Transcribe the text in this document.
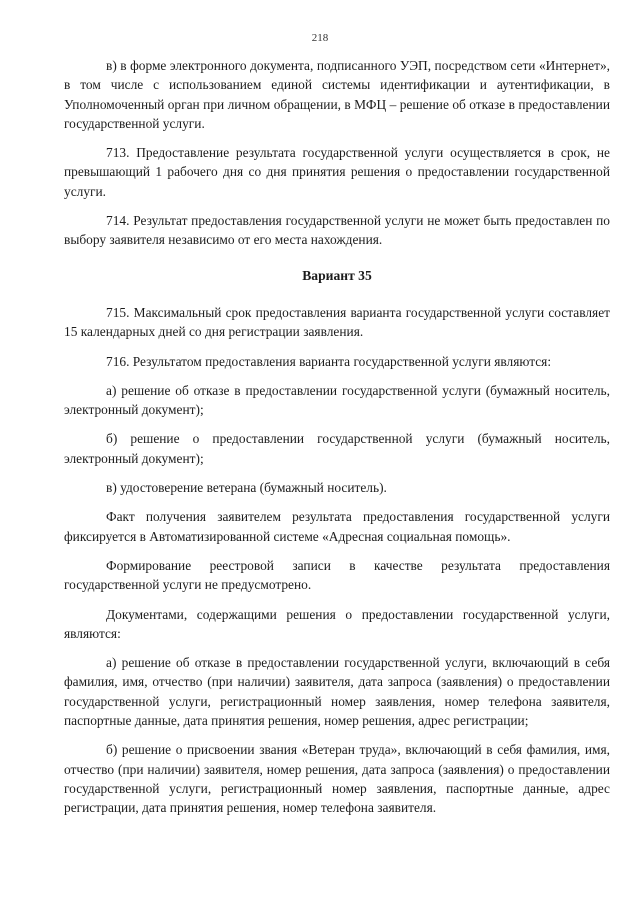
218

в) в форме электронного документа, подписанного УЭП, посредством сети «Интернет», в том числе с использованием единой системы идентификации и аутентификации, в Уполномоченный орган при личном обращении, в МФЦ – решение об отказе в предоставлении государственной услуги.

713. Предоставление результата государственной услуги осуществляется в срок, не превышающий 1 рабочего дня со дня принятия решения о предоставлении государственной услуги.

714. Результат предоставления государственной услуги не может быть предоставлен по выбору заявителя независимо от его места нахождения.

Вариант 35

715. Максимальный срок предоставления варианта государственной услуги составляет 15 календарных дней со дня регистрации заявления.

716. Результатом предоставления варианта государственной услуги являются:

а) решение об отказе в предоставлении государственной услуги (бумажный носитель, электронный документ);

б) решение о предоставлении государственной услуги (бумажный носитель, электронный документ);

в) удостоверение ветерана (бумажный носитель).

Факт получения заявителем результата предоставления государственной услуги фиксируется в Автоматизированной системе «Адресная социальная помощь».

Формирование реестровой записи в качестве результата предоставления государственной услуги не предусмотрено.

Документами, содержащими решения о предоставлении государственной услуги, являются:

а) решение об отказе в предоставлении государственной услуги, включающий в себя фамилия, имя, отчество (при наличии) заявителя, дата запроса (заявления) о предоставлении государственной услуги, регистрационный номер заявления, номер телефона заявителя, паспортные данные, дата принятия решения, номер решения, адрес регистрации;

б) решение о присвоении звания «Ветеран труда», включающий в себя фамилия, имя, отчество (при наличии) заявителя, номер решения, дата запроса (заявления) о предоставлении государственной услуги, регистрационный номер заявления, паспортные данные, адрес регистрации, дата принятия решения, номер телефона заявителя.
